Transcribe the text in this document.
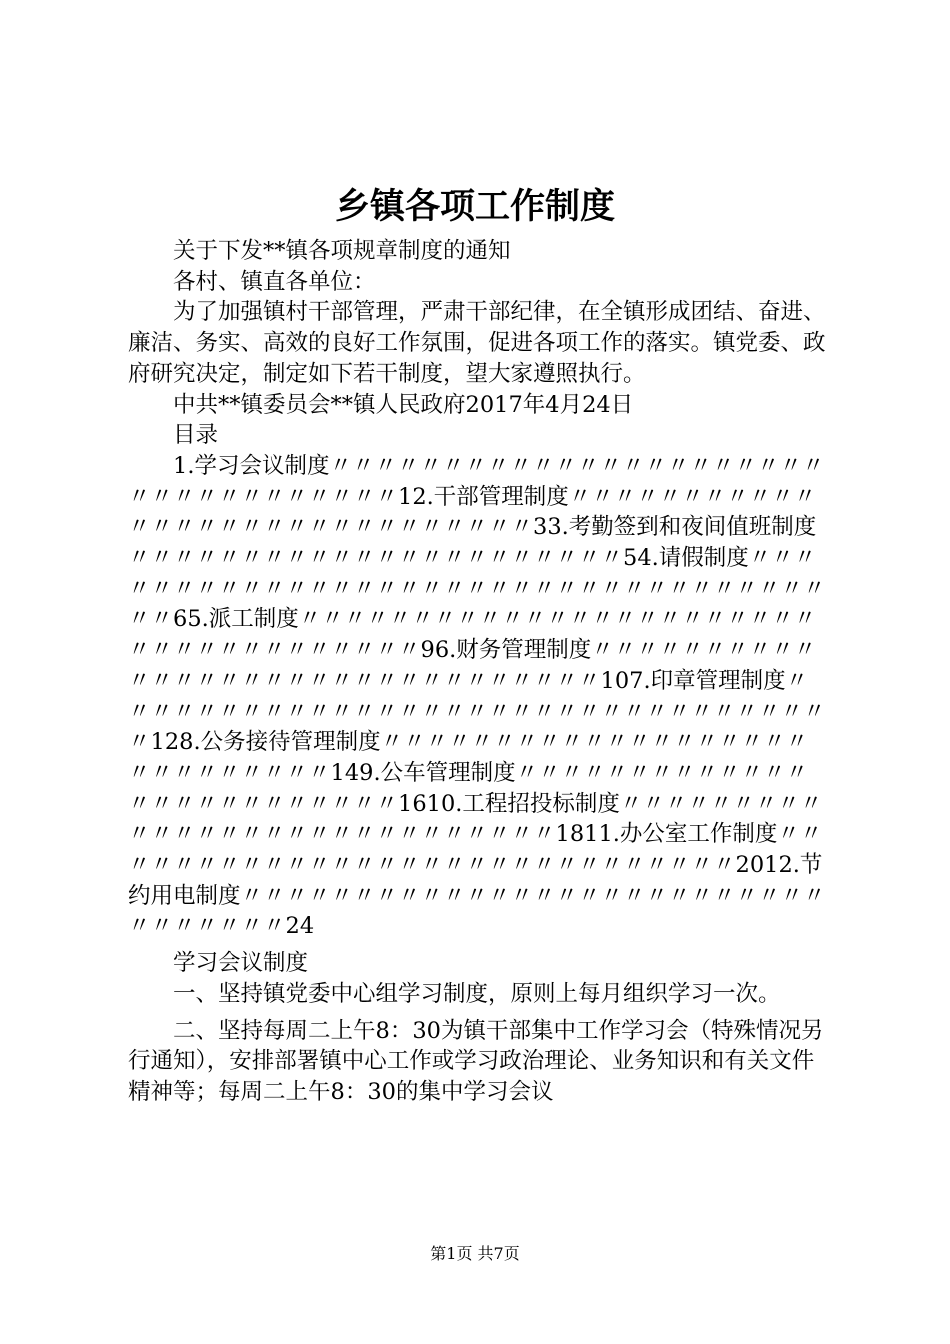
乡镇各项工作制度

关于下发**镇各项规章制度的通知

各村、镇直各单位：

为了加强镇村干部管理，严肃干部纪律，在全镇形成团结、奋进、廉洁、务实、高效的良好工作氛围，促进各项工作的落实。镇党委、政府研究决定，制定如下若干制度，望大家遵照执行。

中共**镇委员会**镇人民政府2017年4月24日

目录

1.学习会议制度〃〃〃〃〃〃〃〃〃〃〃〃〃〃〃〃〃〃〃〃〃〃〃〃〃〃〃〃〃〃〃〃〃〃12.干部管理制度〃〃〃〃〃〃〃〃〃〃〃〃〃〃〃〃〃〃〃〃〃〃〃〃〃〃〃〃〃33.考勤签到和夜间值班制度〃〃〃〃〃〃〃〃〃〃〃〃〃〃〃〃〃〃〃〃〃〃54.请假制度〃〃〃〃〃〃〃〃〃〃〃〃〃〃〃〃〃〃〃〃〃〃〃〃〃〃〃〃〃〃〃〃〃〃〃〃65.派工制度〃〃〃〃〃〃〃〃〃〃〃〃〃〃〃〃〃〃〃〃〃〃〃〃〃〃〃〃〃〃〃〃〃〃〃〃96.财务管理制度〃〃〃〃〃〃〃〃〃〃〃〃〃〃〃〃〃〃〃〃〃〃〃〃〃〃〃〃〃〃〃107.印章管理制度〃〃〃〃〃〃〃〃〃〃〃〃〃〃〃〃〃〃〃〃〃〃〃〃〃〃〃〃〃〃〃〃〃128.公务接待管理制度〃〃〃〃〃〃〃〃〃〃〃〃〃〃〃〃〃〃〃〃〃〃〃〃〃〃〃〃149.公车管理制度〃〃〃〃〃〃〃〃〃〃〃〃〃〃〃〃〃〃〃〃〃〃〃〃〃1610.工程招投标制度〃〃〃〃〃〃〃〃〃〃〃〃〃〃〃〃〃〃〃〃〃〃〃〃〃〃〃〃1811.办公室工作制度〃〃〃〃〃〃〃〃〃〃〃〃〃〃〃〃〃〃〃〃〃〃〃〃〃〃〃〃〃2012.节约用电制度〃〃〃〃〃〃〃〃〃〃〃〃〃〃〃〃〃〃〃〃〃〃〃〃〃〃〃〃〃〃〃〃〃24

学习会议制度

一、坚持镇党委中心组学习制度，原则上每月组织学习一次。

二、坚持每周二上午8：30为镇干部集中工作学习会（特殊情况另行通知），安排部署镇中心工作或学习政治理论、业务知识和有关文件精神等；每周二上午8：30的集中学习会议

第1页 共7页
